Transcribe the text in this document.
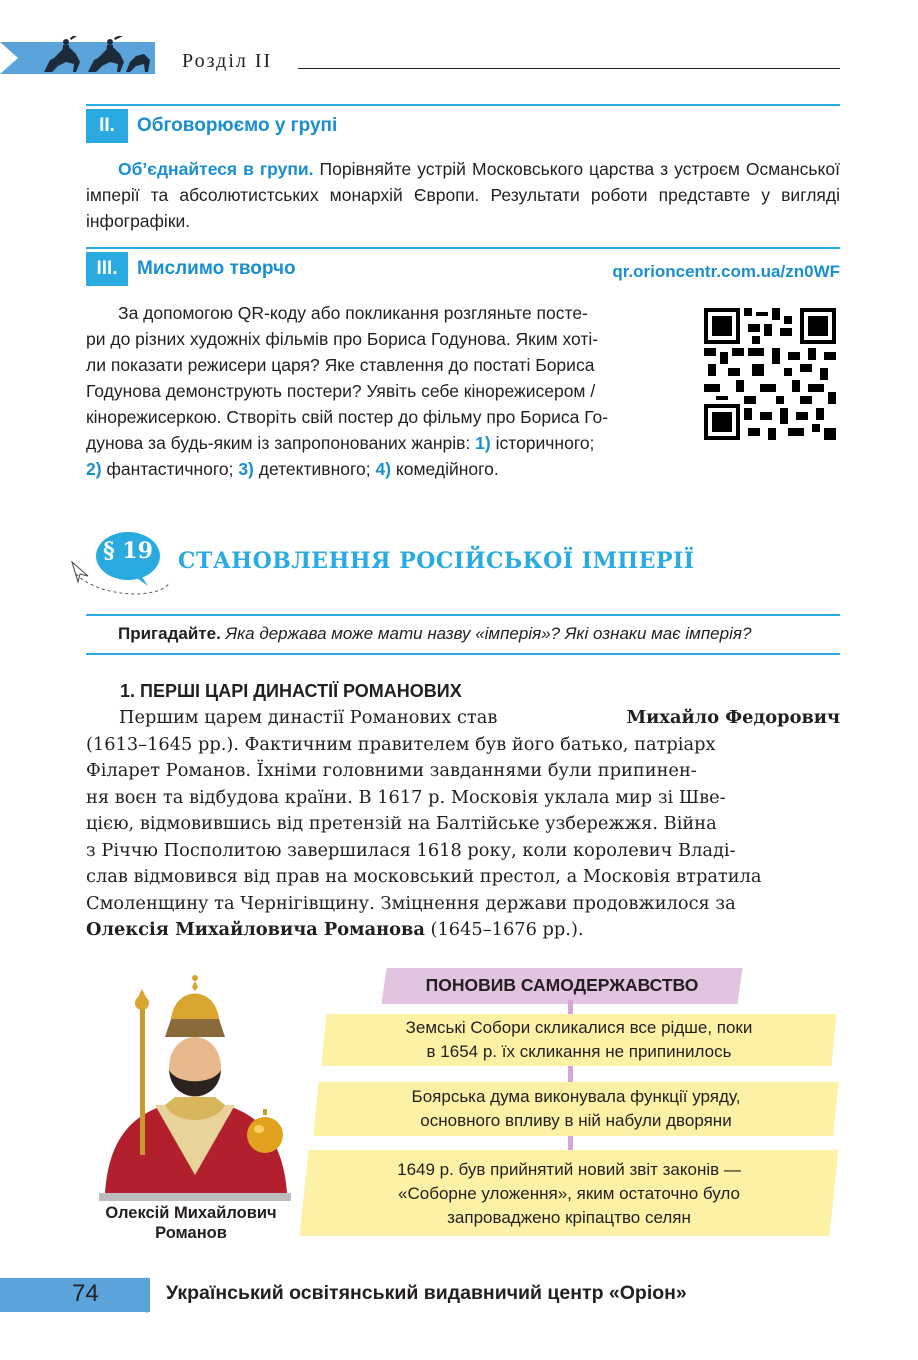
Розділ II
II.	Обговорюємо у групі
Об’єднайтеся в групи. Порівняйте устрій Московського царства з устроєм Османської імперії та абсолютистських монархій Європи. Результати роботи представте у вигляді інфографіки.
III.	Мислимо творчо	qr.orioncentr.com.ua/zn0WF
За допомогою QR-коду або покликання розгляньте посте-
ри до різних художніх фільмів про Бориса Годунова. Яким хоті-
ли показати режисери царя? Яке ставлення до постаті Бориса
Годунова демонструють постери? Уявіть себе кінорежисером /
кінорежисеркою. Створіть свій постер до фільму про Бориса Го-
дунова за будь-яким із запропонованих жанрів: 1) історичного;
2) фантастичного; 3) детективного; 4) комедійного.
§ 19 СТАНОВЛЕННЯ РОСІЙСЬКОЇ ІМПЕРІЇ
Пригадайте. Яка держава може мати назву «імперія»? Які ознаки має імперія?
1. ПЕРШІ ЦАРІ ДИНАСТІЇ РОМАНОВИХ
Першим царем династії Романових став	Михайло Федорович
(1613–1645 рр.). Фактичним правителем був його батько, патріарх
Філарет Романов. Їхніми головними завданнями були припинен-
ня воєн та відбудова країни. В 1617 р. Московія уклала мир зі Шве-
цією, відмовившись від претензій на Балтійське узбережжя. Війна
з Річчю Посполитою завершилася 1618 року, коли королевич Владі-
слав відмовився від прав на московський престол, а Московія втратила
Смоленщину та Чернігівщину. Зміцнення держави продовжилося за
Олексія Михайловича Романова (1645–1676 рр.).
ПОНОВИВ САМОДЕРЖАВСТВО
Земські Собори скликалися все рідше, поки
в 1654 р. їх скликання не припинилось
Боярська дума виконувала функції уряду,
основного впливу в ній набули дворяни
1649 р. був прийнятий новий звіт законів —
«Соборне уложення», яким остаточно було
запроваджено кріпацтво селян
Олексій Михайлович
Романов
74	Український освітянський видавничий центр «Оріон»
